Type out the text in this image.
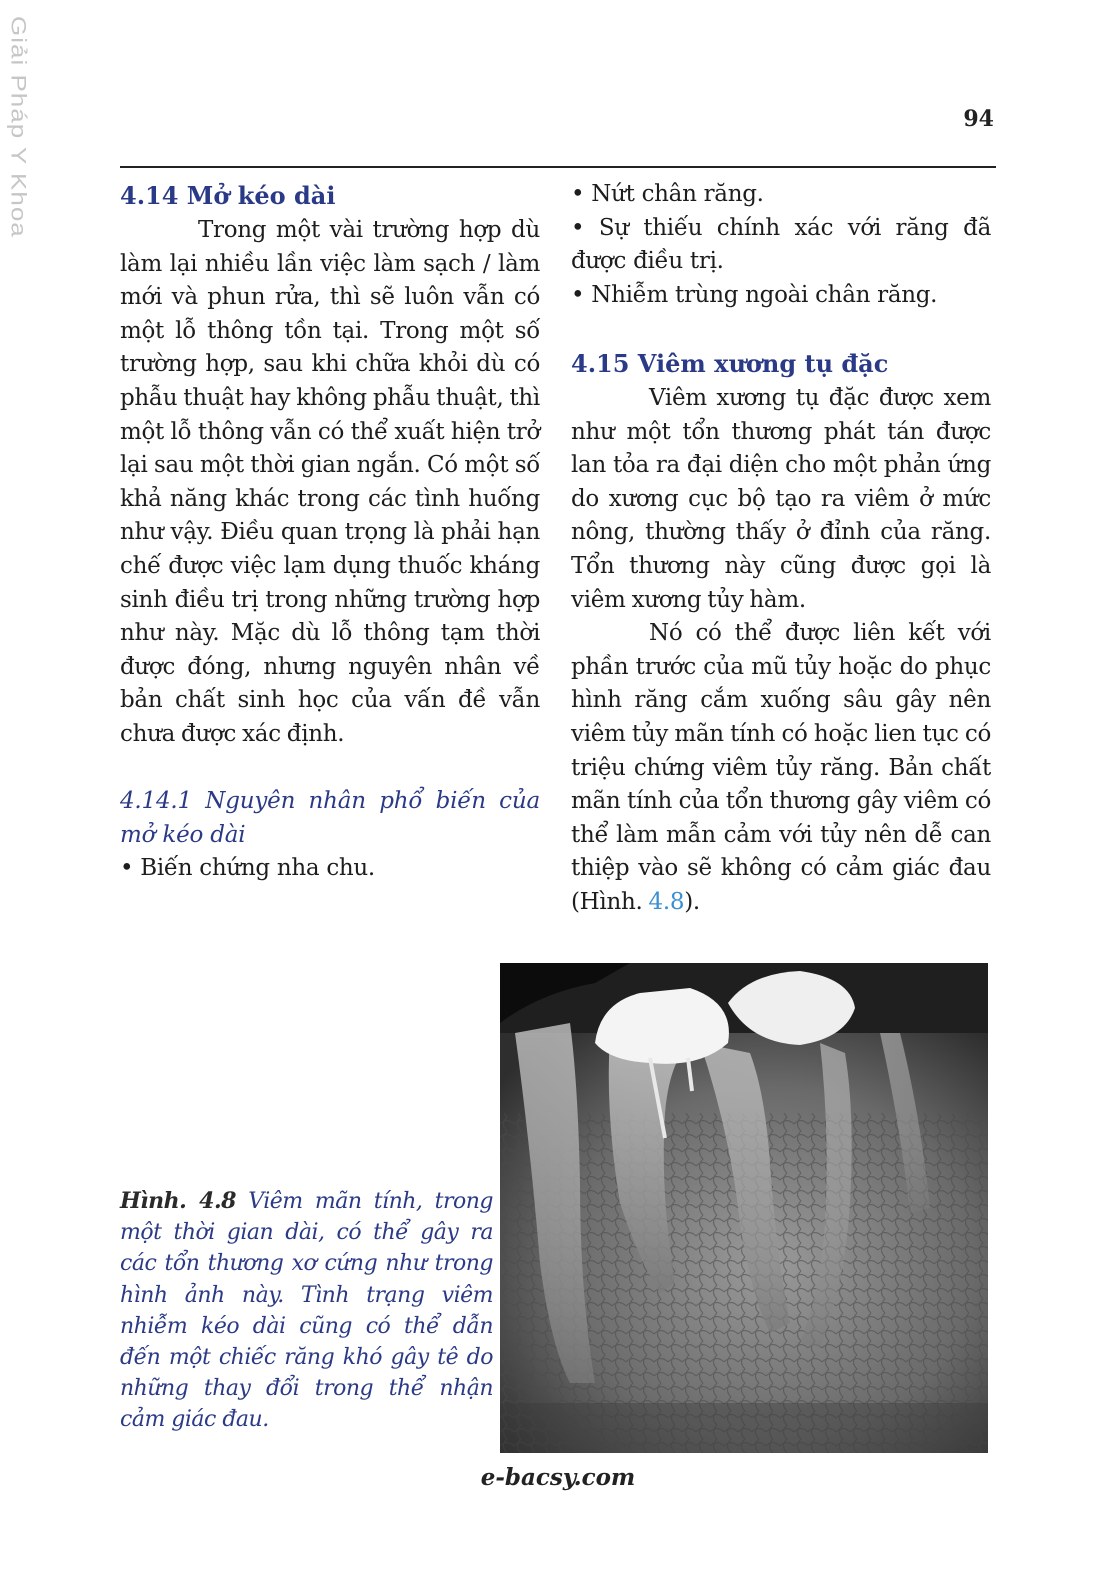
Giải Pháp Y Khoa	94
4.14 Mở kéo dài

Trong một vài trường hợp dù làm lại nhiều lần việc làm sạch / làm mới và phun rửa, thì sẽ luôn vẫn có một lỗ thông tồn tại. Trong một số trường hợp, sau khi chữa khỏi dù có phẫu thuật hay không phẫu thuật, thì một lỗ thông vẫn có thể xuất hiện trở lại sau một thời gian ngắn. Có một số khả năng khác trong các tình huống như vậy. Điều quan trọng là phải hạn chế được việc lạm dụng thuốc kháng sinh điều trị trong những trường hợp như này. Mặc dù lỗ thông tạm thời được đóng, nhưng nguyên nhân về bản chất sinh học của vấn đề vẫn chưa được xác định.

4.14.1 Nguyên nhân phổ biến của mở kéo dài

• Biến chứng nha chu.

• Nứt chân răng.

• Sự thiếu chính xác với răng đã được điều trị.

• Nhiễm trùng ngoài chân răng.

4.15 Viêm xương tụ đặc

Viêm xương tụ đặc được xem như một tổn thương phát tán được lan tỏa ra đại diện cho một phản ứng do xương cục bộ tạo ra viêm ở mức nông, thường thấy ở đỉnh của răng. Tổn thương này cũng được gọi là viêm xương tủy hàm.

Nó có thể được liên kết với phần trước của mũ tủy hoặc do phục hình răng cắm xuống sâu gây nên viêm tủy mãn tính có hoặc lien tục có triệu chứng viêm tủy răng. Bản chất mãn tính của tổn thương gây viêm có thể làm mẫn cảm với tủy nên dễ can thiệp vào sẽ không có cảm giác đau (Hình. 4.8).

Hình. 4.8 Viêm mãn tính, trong một thời gian dài, có thể gây ra các tổn thương xơ cứng như trong hình ảnh này. Tình trạng viêm nhiễm kéo dài cũng có thể dẫn đến một chiếc răng khó gây tê do những thay đổi trong thể nhận cảm giác đau.
e-bacsy.com
